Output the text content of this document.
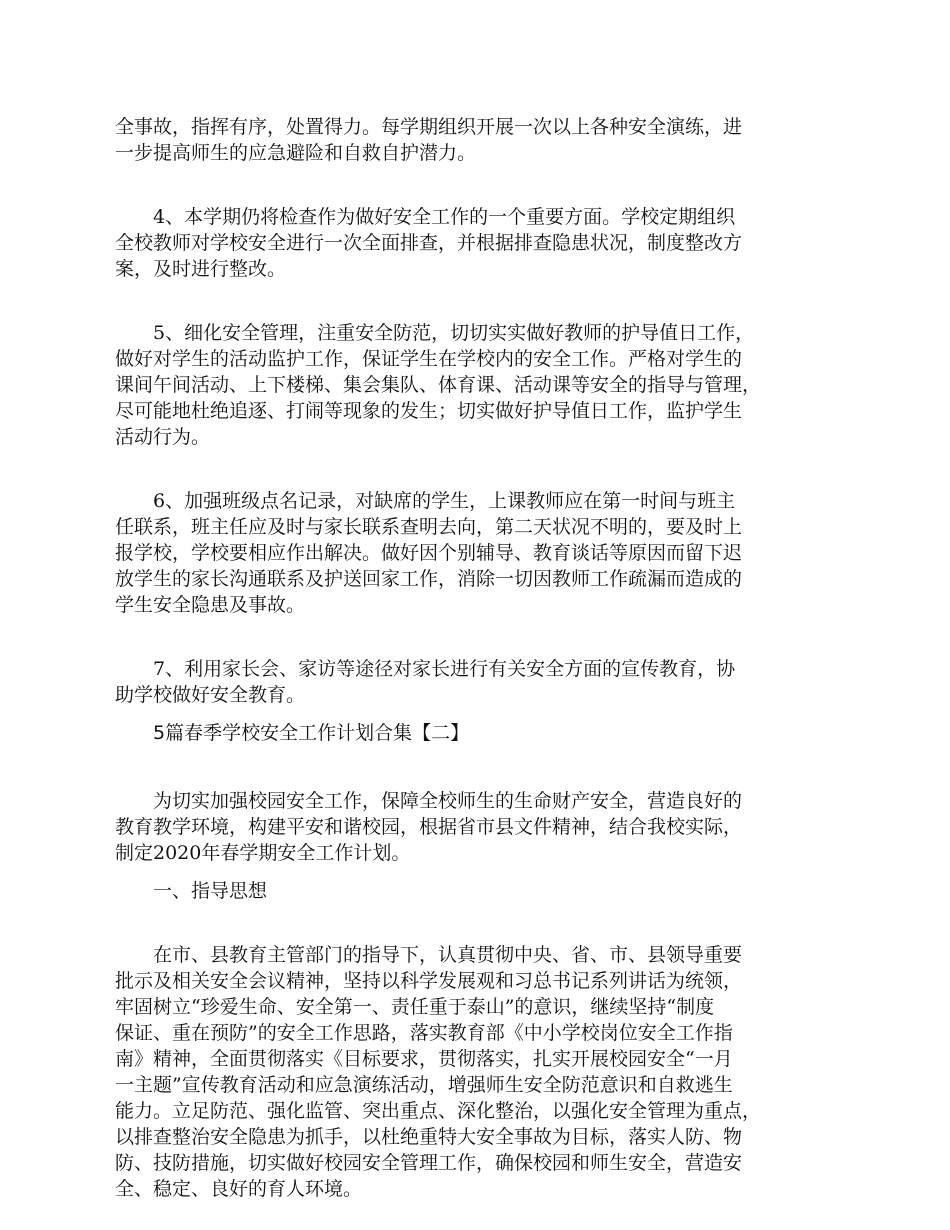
全事故，指挥有序，处置得力。每学期组织开展一次以上各种安全演练，进
一步提高师生的应急避险和自救自护潜力。
　　4、本学期仍将检查作为做好安全工作的一个重要方面。学校定期组织
全校教师对学校安全进行一次全面排查，并根据排查隐患状况，制度整改方
案，及时进行整改。
　　5、细化安全管理，注重安全防范，切切实实做好教师的护导值日工作，
做好对学生的活动监护工作，保证学生在学校内的安全工作。严格对学生的
课间午间活动、上下楼梯、集会集队、体育课、活动课等安全的指导与管理，
尽可能地杜绝追逐、打闹等现象的发生；切实做好护导值日工作，监护学生
活动行为。
　　6、加强班级点名记录，对缺席的学生，上课教师应在第一时间与班主
任联系，班主任应及时与家长联系查明去向，第二天状况不明的，要及时上
报学校，学校要相应作出解决。做好因个别辅导、教育谈话等原因而留下迟
放学生的家长沟通联系及护送回家工作，消除一切因教师工作疏漏而造成的
学生安全隐患及事故。
　　7、利用家长会、家访等途径对家长进行有关安全方面的宣传教育，协
助学校做好安全教育。
　　5篇春季学校安全工作计划合集【二】
　　为切实加强校园安全工作，保障全校师生的生命财产安全，营造良好的
教育教学环境，构建平安和谐校园，根据省市县文件精神，结合我校实际，
制定2020年春学期安全工作计划。
　　一、指导思想
　　在市、县教育主管部门的指导下，认真贯彻中央、省、市、县领导重要
批示及相关安全会议精神，坚持以科学发展观和习总书记系列讲话为统领，
牢固树立“珍爱生命、安全第一、责任重于泰山”的意识，继续坚持“制度
保证、重在预防”的安全工作思路，落实教育部《中小学校岗位安全工作指
南》精神，全面贯彻落实《目标要求，贯彻落实，扎实开展校园安全“一月
一主题”宣传教育活动和应急演练活动，增强师生安全防范意识和自救逃生
能力。立足防范、强化监管、突出重点、深化整治，以强化安全管理为重点，
以排查整治安全隐患为抓手，以杜绝重特大安全事故为目标，落实人防、物
防、技防措施，切实做好校园安全管理工作，确保校园和师生安全，营造安
全、稳定、良好的育人环境。
